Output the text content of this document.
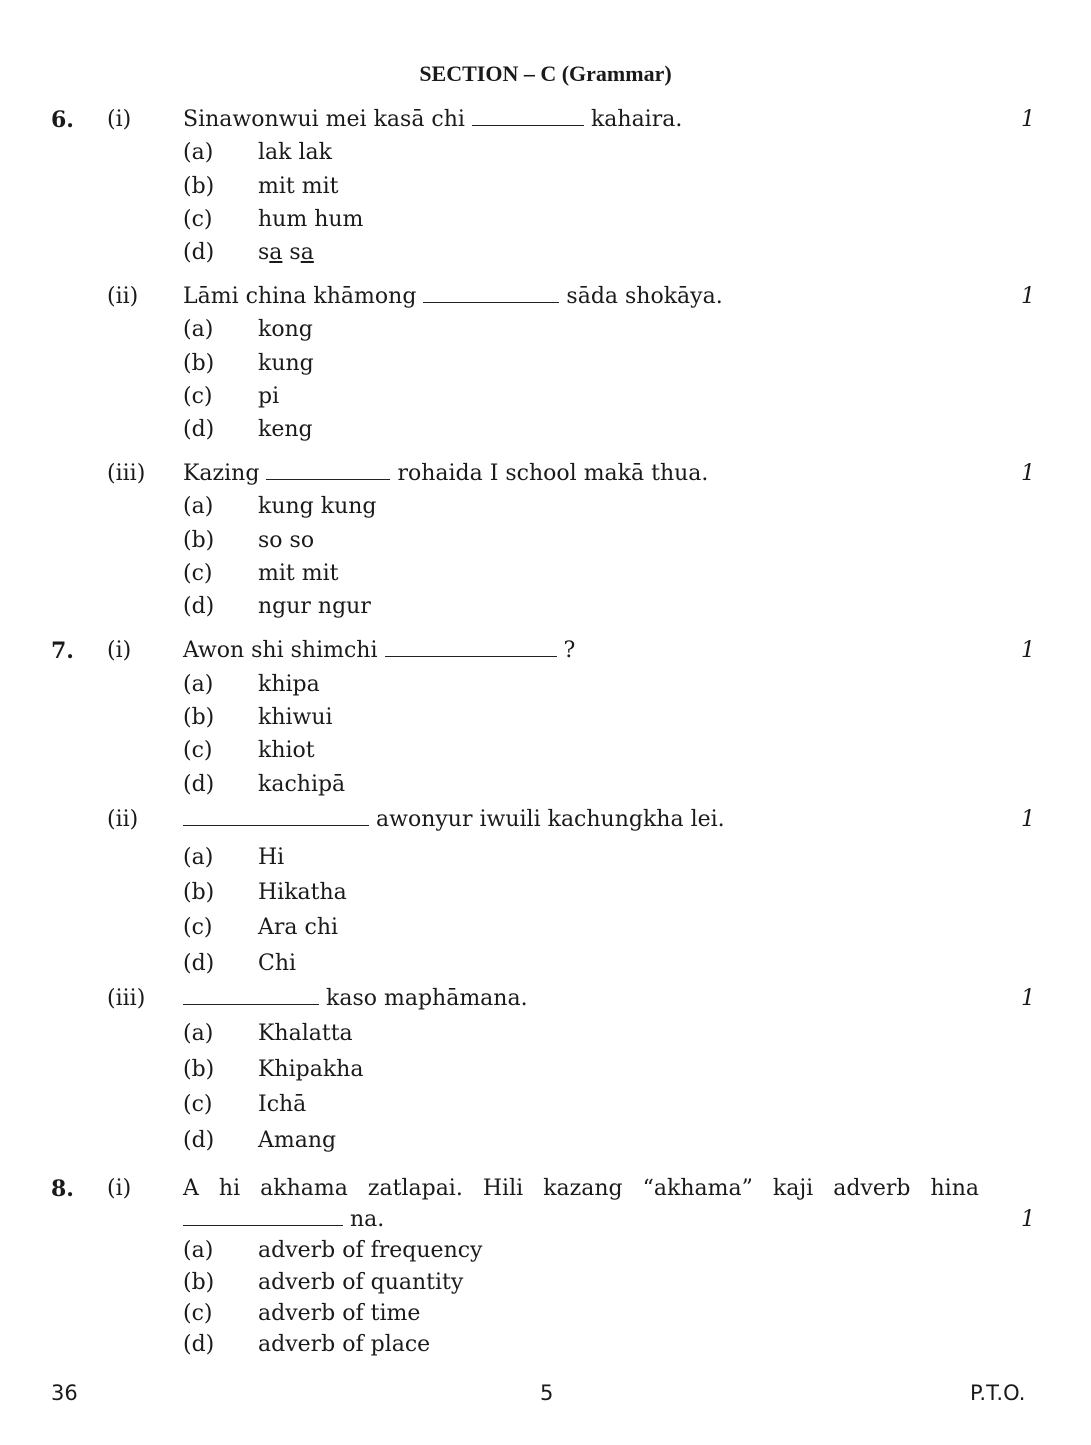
SECTION – C (Grammar)
6. (i) Sinawonwui mei kasā chi	kahaira.	1
(a) lak lak
(b) mit mit
(c) hum hum
(d) sa sa
(ii) Lāmi china khāmong	sāda shokāya.	1
(a) kong
(b) kung
(c) pi
(d) keng
(iii) Kazing	rohaida I school makā thua.	1
(a) kung kung
(b) so so
(c) mit mit
(d) ngur ngur
7. (i) Awon shi shimchi	?	1
(a) khipa
(b) khiwui
(c) khiot
(d) kachipā
(ii)	awonyur iwuili kachungkha lei.	1
(a) Hi
(b) Hikatha
(c) Ara chi
(d) Chi
(iii)	kaso maphāmana.	1
(a) Khalatta
(b) Khipakha
(c) Ichā
(d) Amang
8. (i) A hi akhama zatlapai. Hili kazang “akhama” kaji adverb hina
na.	1
(a) adverb of frequency
(b) adverb of quantity
(c) adverb of time
(d) adverb of place
36	5	P.T.O.
